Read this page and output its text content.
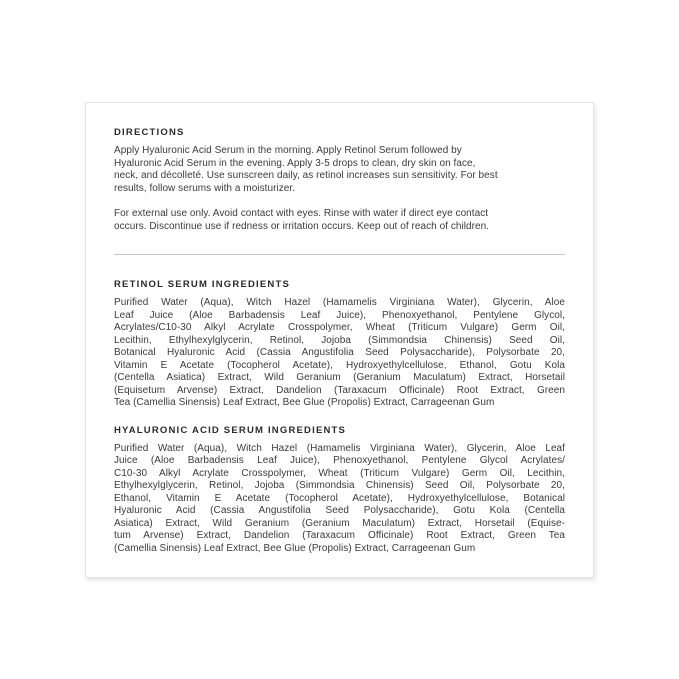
DIRECTIONS
Apply Hyaluronic Acid Serum in the morning. Apply Retinol Serum followed by
Hyaluronic Acid Serum in the evening. Apply 3-5 drops to clean, dry skin on face,
neck, and décolleté. Use sunscreen daily, as retinol increases sun sensitivity. For best
results, follow serums with a moisturizer.
For external use only. Avoid contact with eyes. Rinse with water if direct eye contact
occurs. Discontinue use if redness or irritation occurs. Keep out of reach of children.
RETINOL SERUM INGREDIENTS
Purified Water (Aqua), Witch Hazel (Hamamelis Virginiana Water), Glycerin, Aloe
Leaf Juice (Aloe Barbadensis Leaf Juice), Phenoxyethanol, Pentylene Glycol,
Acrylates/C10-30 Alkyl Acrylate Crosspolymer, Wheat (Triticum Vulgare) Germ Oil,
Lecithin, Ethylhexylglycerin, Retinol, Jojoba (Simmondsia Chinensis) Seed Oil,
Botanical Hyaluronic Acid (Cassia Angustifolia Seed Polysaccharide), Polysorbate 20,
Vitamin E Acetate (Tocopherol Acetate), Hydroxyethylcellulose, Ethanol, Gotu Kola
(Centella Asiatica) Extract, Wild Geranium (Geranium Maculatum) Extract, Horsetail
(Equisetum Arvense) Extract, Dandelion (Taraxacum Officinale) Root Extract, Green
Tea (Camellia Sinensis) Leaf Extract, Bee Glue (Propolis) Extract, Carrageenan Gum
HYALURONIC ACID SERUM INGREDIENTS
Purified Water (Aqua), Witch Hazel (Hamamelis Virginiana Water), Glycerin, Aloe Leaf
Juice (Aloe Barbadensis Leaf Juice), Phenoxyethanol, Pentylene Glycol Acrylates/
C10-30 Alkyl Acrylate Crosspolymer, Wheat (Triticum Vulgare) Germ Oil, Lecithin,
Ethylhexylglycerin, Retinol, Jojoba (Simmondsia Chinensis) Seed Oil, Polysorbate 20,
Ethanol, Vitamin E Acetate (Tocopherol Acetate), Hydroxyethylcellulose, Botanical
Hyaluronic Acid (Cassia Angustifolia Seed Polysaccharide), Gotu Kola (Centella
Asiatica) Extract, Wild Geranium (Geranium Maculatum) Extract, Horsetail (Equise-
tum Arvense) Extract, Dandelion (Taraxacum Officinale) Root Extract, Green Tea
(Camellia Sinensis) Leaf Extract, Bee Glue (Propolis) Extract, Carrageenan Gum
